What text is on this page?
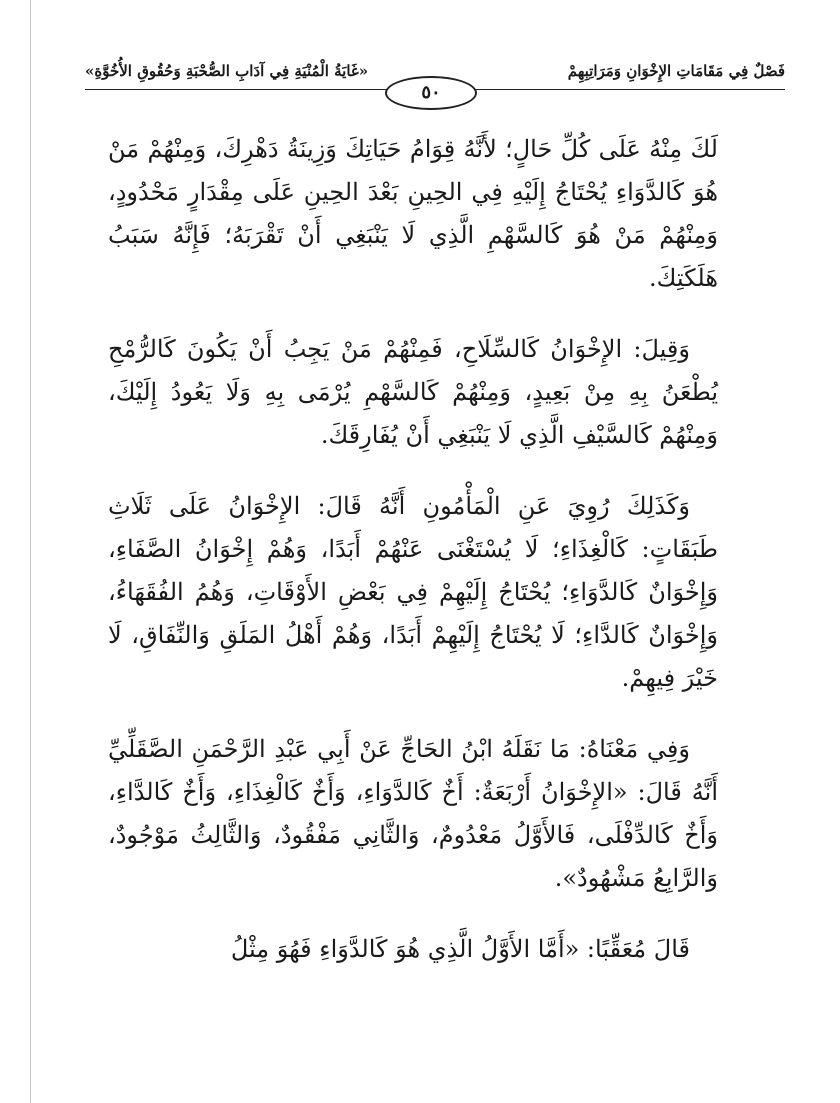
فَصْلٌ فِي مَقَامَاتِ الإِخْوَانِ وَمَرَاتِبِهِمْ
«غَايَةُ الْمُنْيَةِ فِي آدَابِ الصُّحْبَةِ وَحُقُوقِ الأُخُوَّةِ»
٥٠

لَكَ مِنْهُ عَلَى كُلِّ حَالٍ؛ لأَنَّهُ قِوَامُ حَيَاتِكَ وَزِينَةُ دَهْرِكَ، وَمِنْهُمْ مَنْ هُوَ كَالدَّوَاءِ يُحْتَاجُ إِلَيْهِ فِي الحِينِ بَعْدَ الحِينِ عَلَى مِقْدَارٍ مَحْدُودٍ، وَمِنْهُمْ مَنْ هُوَ كَالسَّهْمِ الَّذِي لَا يَنْبَغِي أَنْ تَقْرَبَهُ؛ فَإِنَّهُ سَبَبُ هَلَكَتِكَ.

وَقِيلَ: الإِخْوَانُ كَالسِّلَاحِ، فَمِنْهُمْ مَنْ يَجِبُ أَنْ يَكُونَ كَالرُّمْحِ يُطْعَنُ بِهِ مِنْ بَعِيدٍ، وَمِنْهُمْ كَالسَّهْمِ يُرْمَى بِهِ وَلَا يَعُودُ إِلَيْكَ، وَمِنْهُمْ كَالسَّيْفِ الَّذِي لَا يَنْبَغِي أَنْ يُفَارِقَكَ.

وَكَذَلِكَ رُوِيَ عَنِ الْمَأْمُونِ أَنَّهُ قَالَ: الإِخْوَانُ عَلَى ثَلَاثِ طَبَقَاتٍ: كَالْغِذَاءِ؛ لَا يُسْتَغْنَى عَنْهُمْ أَبَدًا، وَهُمْ إِخْوَانُ الصَّفَاءِ، وَإِخْوَانٌ كَالدَّوَاءِ؛ يُحْتَاجُ إِلَيْهِمْ فِي بَعْضِ الأَوْقَاتِ، وَهُمُ الفُقَهَاءُ، وَإِخْوَانٌ كَالدَّاءِ؛ لَا يُحْتَاجُ إِلَيْهِمْ أَبَدًا، وَهُمْ أَهْلُ المَلَقِ وَالنِّفَاقِ، لَا خَيْرَ فِيهِمْ.

وَفِي مَعْنَاهُ: مَا نَقَلَهُ ابْنُ الحَاجِّ عَنْ أَبِي عَبْدِ الرَّحْمَنِ الصَّقَلِّيِّ أَنَّهُ قَالَ: «الإِخْوَانُ أَرْبَعَةٌ: أَخٌ كَالدَّوَاءِ، وَأَخٌ كَالْغِذَاءِ، وَأَخٌ كَالدَّاءِ، وَأَخٌ كَالدِّفْلَى، فَالأَوَّلُ مَعْدُومٌ، وَالثَّانِي مَفْقُودٌ، وَالثَّالِثُ مَوْجُودٌ، وَالرَّابِعُ مَشْهُودٌ».

قَالَ مُعَقِّبًا: «أَمَّا الأَوَّلُ الَّذِي هُوَ كَالدَّوَاءِ فَهُوَ مِثْلُ
